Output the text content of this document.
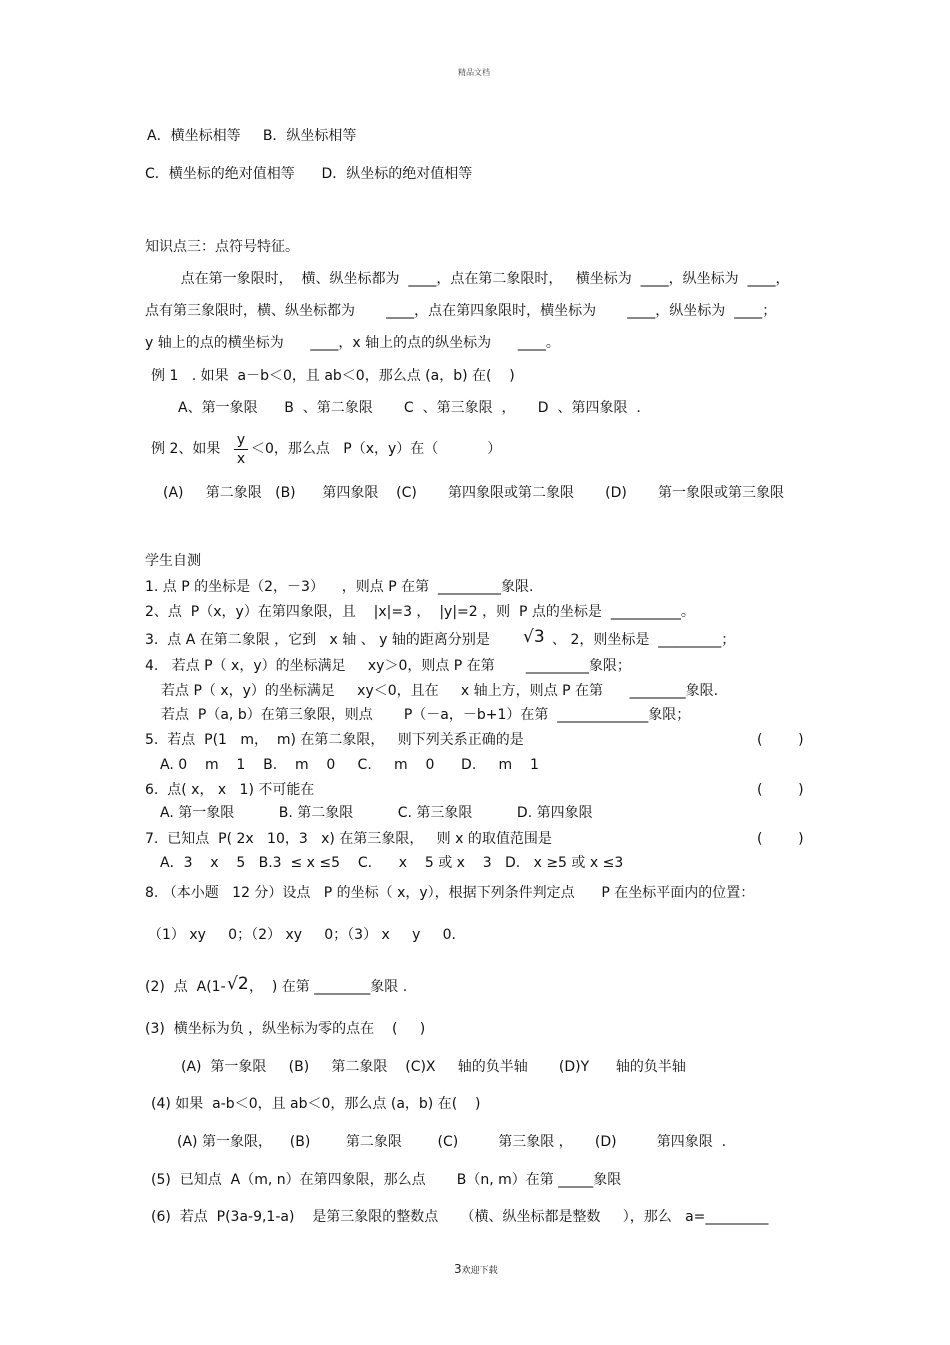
精品文档
A．横坐标相等     B．纵坐标相等
C．横坐标的绝对值相等      D．纵坐标的绝对值相等
知识点三：点符号特征。
点在第一象限时，  横、纵坐标都为  ____，点在第二象限时，   横坐标为  ____，纵坐标为  ____，
点有第三象限时，横、纵坐标都为       ____，点在第四象限时，横坐标为       ____，纵坐标为  ____；
y 轴上的点的横坐标为      ____，x 轴上的点的纵坐标为      ____。
例 1   . 如果  a－b＜0，且 ab＜0，那么点 (a，b) 在(    )
A、第一象限      B  、第二象限       C  、第三象限  ，     D  、第四象限  .
例 2、如果
y
x
＜0，那么点   P（x，y）在（           ）
(A)     第二象限   (B)      第四象限    (C)       第四象限或第二象限       (D)       第一象限或第三象限
学生自测
1. 点 P 的坐标是（2，－3）    ，则点 P 在第  _________象限.
2、点  P（x，y）在第四象限，且    |x|=3 ，  |y|=2 ，则  P 点的坐标是  __________。
3.  点 A 在第二象限 ，它到   x 轴 、 y 轴的距离分别是 √3 、 2，则坐标是  _________；
4.   若点 P（ x，y）的坐标满足     xy＞0，则点 P 在第       _________象限；
若点 P（ x，y）的坐标满足     xy＜0，且在     x 轴上方，则点 P 在第      ________象限.
若点  P（a, b）在第三象限，则点       P（－a，－b+1）在第  _____________象限；
5.  若点  P(1   m，  m) 在第二象限，   则下列关系正确的是	(        )
A. 0    m    1    B.    m    0     C.     m    0      D.     m    1
6.  点( x， x   1) 不可能在	(        )
A. 第一象限          B. 第二象限          C. 第三象限          D. 第四象限
7.  已知点  P( 2x   10，3   x) 在第三象限，   则 x 的取值范围是	(        )
A．3    x    5   B.3  ≤ x ≤5    C.      x    5 或 x    3   D.   x ≥5 或 x ≤3
8. （本小题   12 分）设点   P 的坐标（ x，y），根据下列条件判定点      P 在坐标平面内的位置：
（1） xy     0；（2） xy     0；（3） x     y     0.
(2)  点  A(1- √2 ，  ) 在第 ________象限 .
(3)  横坐标为负 ，纵坐标为零的点在    (     )
(A)  第一象限     (B)     第二象限    (C)X     轴的负半轴       (D)Y      轴的负半轴
(4) 如果  a-b＜0，且 ab＜0，那么点 (a，b) 在(    )
(A) 第一象限，    (B)        第二象限        (C)         第三象限 ，     (D)         第四象限  .
(5)  已知点  A（m, n）在第四象限，那么点       B（n, m）在第 _____象限
(6)  若点  P(3a-9,1-a)    是第三象限的整数点     （横、纵坐标都是整数     ），那么   a=_________
3欢迎下载
